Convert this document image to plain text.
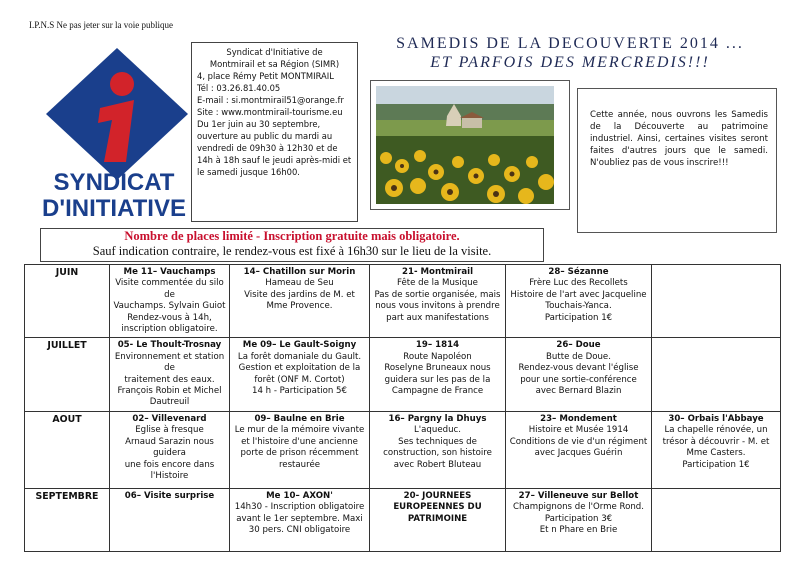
I.P.N.S Ne pas jeter sur la voie publique
SYNDICAT
D'INITIATIVE
Syndicat d'Initiative de
Montmirail et sa Région (SIMR)
4, place Rémy Petit MONTMIRAIL
Tél : 03.26.81.40.05
E-mail : si.montmirail51@orange.fr
Site : www.montmirail-tourisme.eu
Du 1er juin au 30 septembre, ouverture au public du mardi au vendredi de 09h30 à 12h30 et de 14h à 18h sauf le jeudi après-midi et le samedi jusque 16h00.
SAMEDIS DE LA DECOUVERTE 2014 ...
ET PARFOIS DES MERCREDIS!!!
Cette année, nous ouvrons les Samedis de la Découverte au patrimoine industriel. Ainsi, certaines visites seront faites d'autres jours que le samedi. N'oubliez pas de vous inscrire!!!
Nombre de places limité - Inscription gratuite mais obligatoire.
Sauf indication contraire, le rendez-vous est fixé à 16h30 sur le lieu de la visite.
JUIN	Me 11– Vauchamps
Visite commentée du silo de
Vauchamps. Sylvain Guiot
Rendez-vous à 14h,
inscription obligatoire.	14– Chatillon sur Morin
Hameau de Seu
Visite des jardins de M. et
Mme Provence.	21- Montmirail
Fête de la Musique
Pas de sortie organisée, mais
nous vous invitons à prendre
part aux manifestations	28– Sézanne
Frère Luc des Recollets
Histoire de l'art avec Jacqueline
Touchais-Yanca.
Participation 1€	

JUILLET	05- Le Thoult-Trosnay
Environnement et station de
traitement des eaux.
François Robin et Michel
Dautreuil	Me 09– Le Gault-Soigny
La forêt domaniale du Gault.
Gestion et exploitation de la
forêt (ONF M. Cortot)
14 h - Participation 5€	19– 1814
Route Napoléon
Roselyne Bruneaux nous
guidera sur les pas de la
Campagne de France	26– Doue
Butte de Doue.
Rendez-vous devant l'église
pour une sortie-conférence
avec Bernard Blazin	

AOUT	02– Villevenard
Eglise à fresque
Arnaud Sarazin nous guidera
une fois encore dans
l'Histoire	09– Baulne en Brie
Le mur de la mémoire vivante
et l'histoire d'une ancienne
porte de prison récemment
restaurée	16– Pargny la Dhuys
L'aqueduc.
Ses techniques de
construction, son histoire
avec Robert Bluteau	23– Mondement
Histoire et Musée 1914
Conditions de vie d'un régiment
avec Jacques Guérin	30– Orbais l'Abbaye
La chapelle rénovée, un
trésor à découvrir - M. et
Mme Casters.
Participation 1€

SEPTEMBRE	06– Visite surprise	Me 10– AXON'
14h30 - Inscription obligatoire
avant le 1er septembre. Maxi
30 pers. CNI obligatoire	20- JOURNEES EUROPEENNES DU PATRIMOINE	27– Villeneuve sur Bellot
Champignons de l'Orme Rond.
Participation 3€
Et n Phare en Brie	
